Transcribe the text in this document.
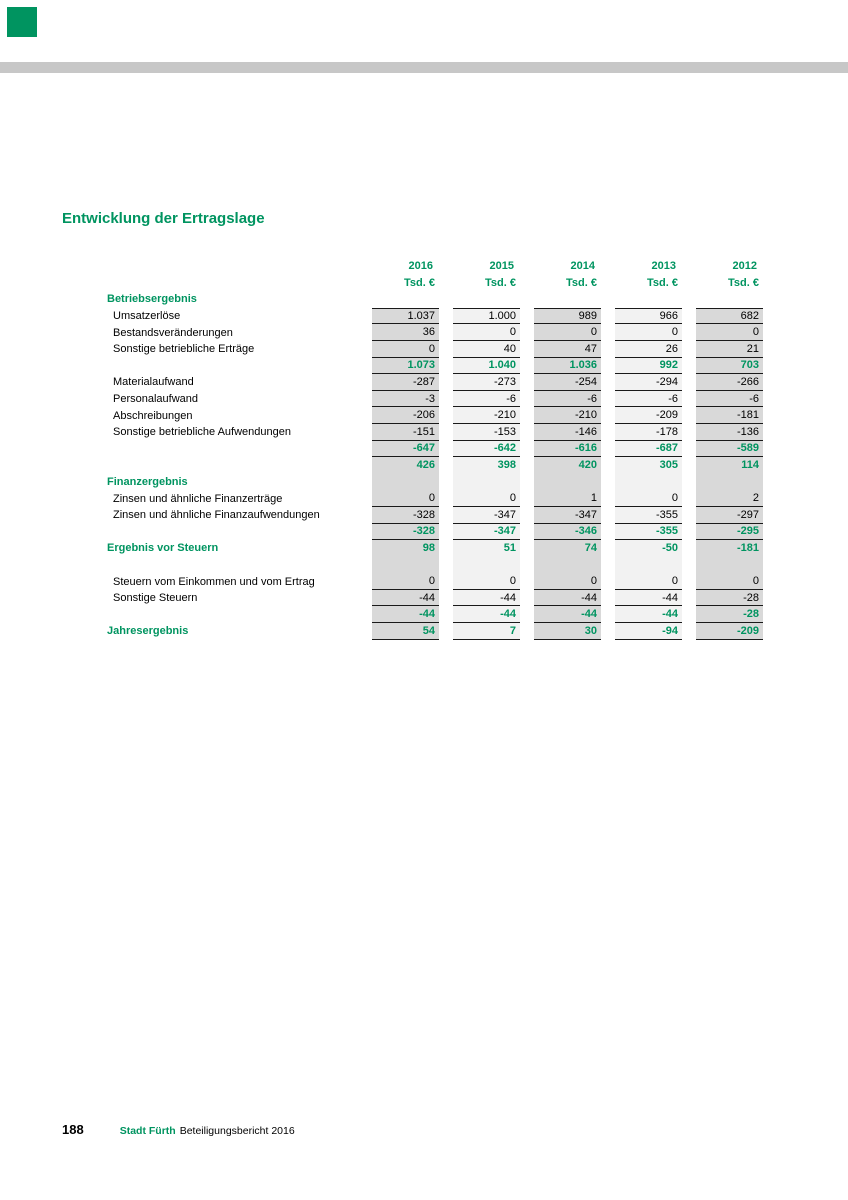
Entwicklung der Ertragslage
2016	2015	2014	2013	2012
Tsd. €	Tsd. €	Tsd. €	Tsd. €	Tsd. €
Betriebsergebnis
Umsatzerlöse	1.037	1.000	989	966	682
Bestandsveränderungen	36	0	0	0	0
Sonstige betriebliche Erträge	0	40	47	26	21
1.073	1.040	1.036	992	703
Materialaufwand	-287	-273	-254	-294	-266
Personalaufwand	-3	-6	-6	-6	-6
Abschreibungen	-206	-210	-210	-209	-181
Sonstige betriebliche Aufwendungen	-151	-153	-146	-178	-136
-647	-642	-616	-687	-589
426	398	420	305	114
Finanzergebnis
Zinsen und ähnliche Finanzerträge	0	0	1	0	2
Zinsen und ähnliche Finanzaufwendungen	-328	-347	-347	-355	-297
-328	-347	-346	-355	-295
Ergebnis vor Steuern	98	51	74	-50	-181
Steuern vom Einkommen und vom Ertrag	0	0	0	0	0
Sonstige Steuern	-44	-44	-44	-44	-28
-44	-44	-44	-44	-28
Jahresergebnis	54	7	30	-94	-209
188	Stadt Fürth Beteiligungsbericht 2016
